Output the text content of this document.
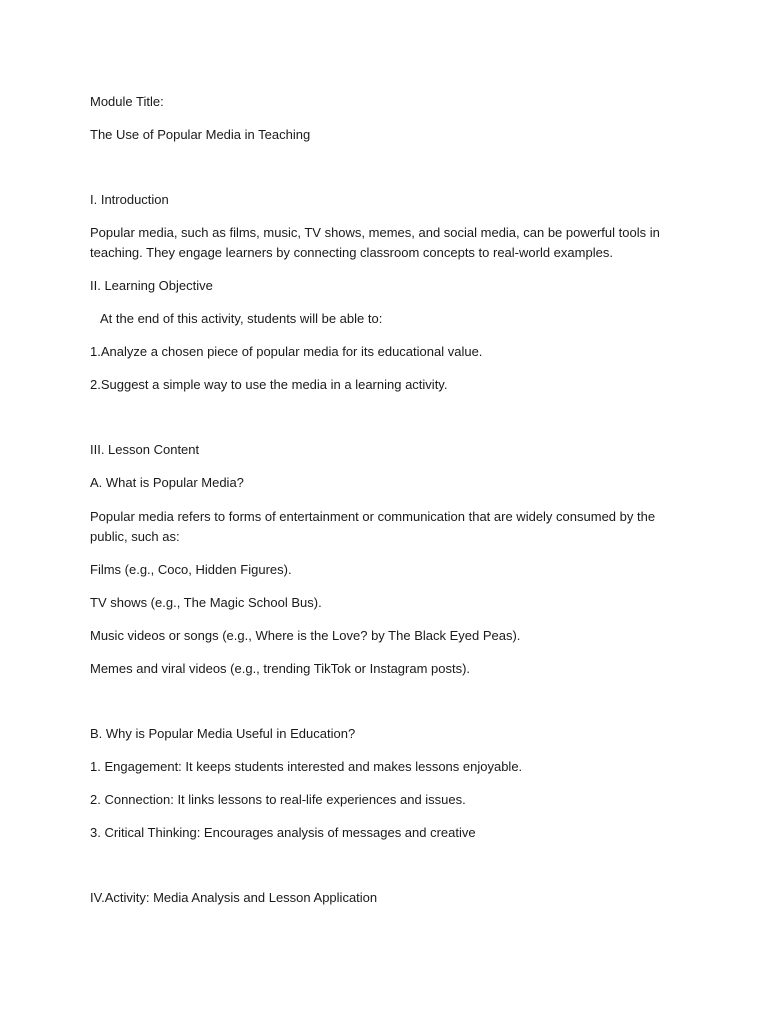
Module Title:
The Use of Popular Media in Teaching
I. Introduction
Popular media, such as films, music, TV shows, memes, and social media, can be powerful tools in
teaching. They engage learners by connecting classroom concepts to real-world examples.
II. Learning Objective
At the end of this activity, students will be able to:
1.Analyze a chosen piece of popular media for its educational value.
2.Suggest a simple way to use the media in a learning activity.
III. Lesson Content
A. What is Popular Media?
Popular media refers to forms of entertainment or communication that are widely consumed by the
public, such as:
Films (e.g., Coco, Hidden Figures).
TV shows (e.g., The Magic School Bus).
Music videos or songs (e.g., Where is the Love? by The Black Eyed Peas).
Memes and viral videos (e.g., trending TikTok or Instagram posts).
B. Why is Popular Media Useful in Education?
1. Engagement: It keeps students interested and makes lessons enjoyable.
2. Connection: It links lessons to real-life experiences and issues.
3. Critical Thinking: Encourages analysis of messages and creative
IV.Activity: Media Analysis and Lesson Application
